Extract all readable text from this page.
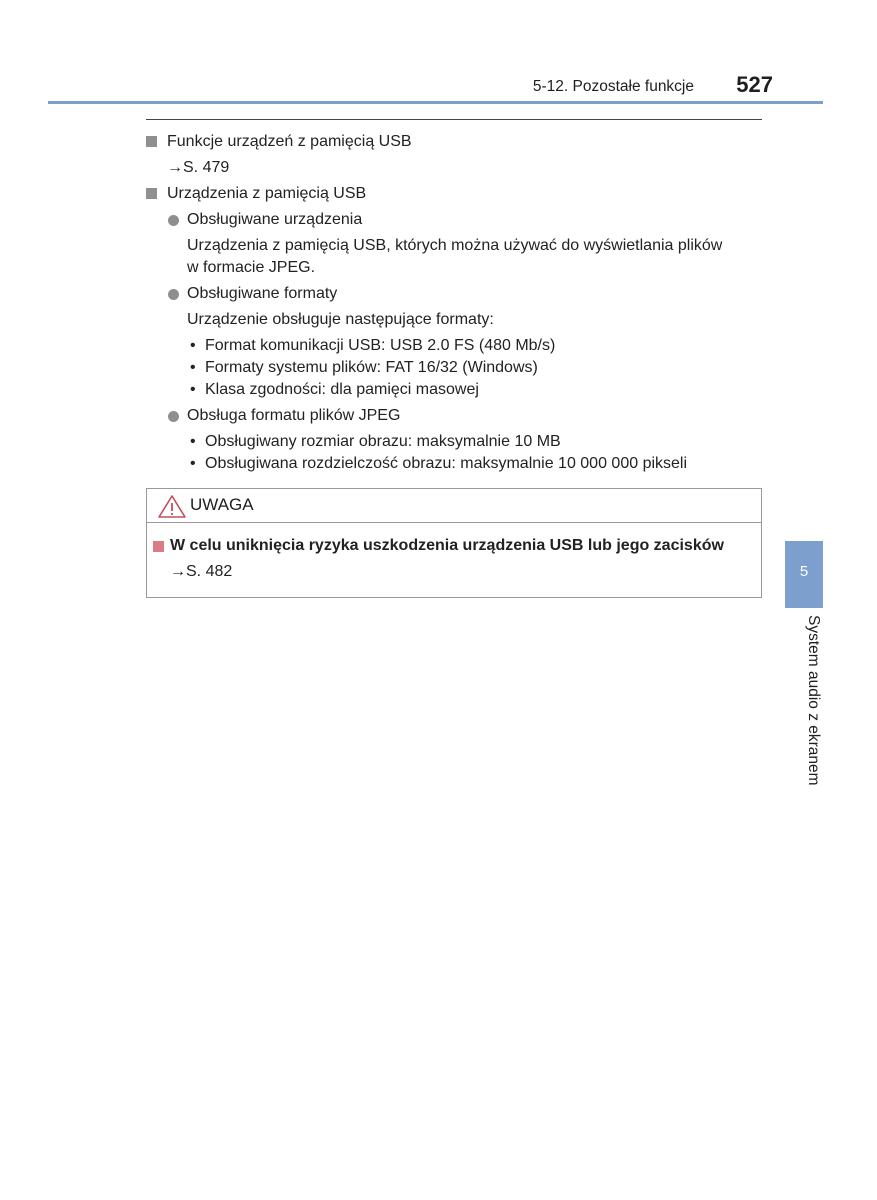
5-12. Pozostałe funkcje 527
Funkcje urządzeń z pamięcią USB
→S. 479
Urządzenia z pamięcią USB
Obsługiwane urządzenia
Urządzenia z pamięcią USB, których można używać do wyświetlania plików
w formacie JPEG.
Obsługiwane formaty
Urządzenie obsługuje następujące formaty:
• Format komunikacji USB: USB 2.0 FS (480 Mb/s)
• Formaty systemu plików: FAT 16/32 (Windows)
• Klasa zgodności: dla pamięci masowej
Obsługa formatu plików JPEG
• Obsługiwany rozmiar obrazu: maksymalnie 10 MB
• Obsługiwana rozdzielczość obrazu: maksymalnie 10 000 000 pikseli
UWAGA
W celu uniknięcia ryzyka uszkodzenia urządzenia USB lub jego zacisków
→S. 482	5
System audio z ekranem
